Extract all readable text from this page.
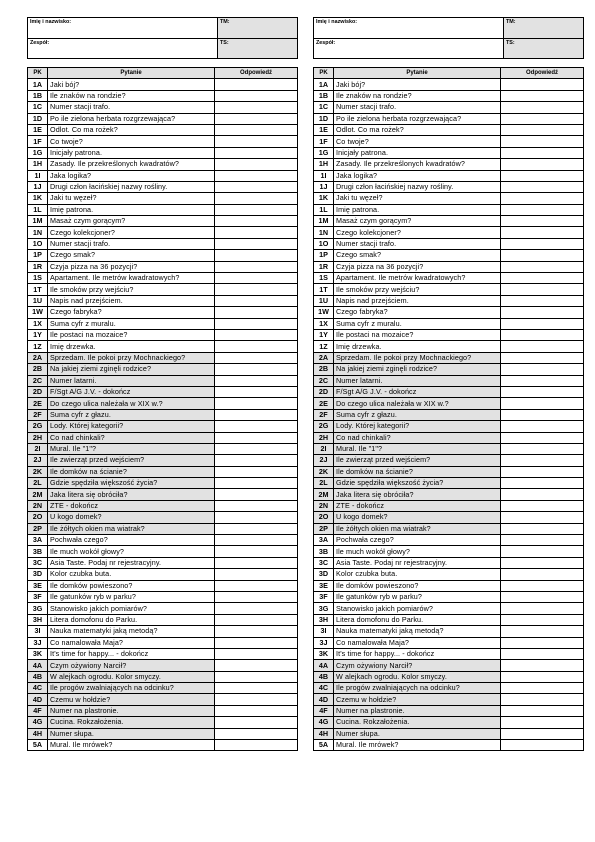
Imię i nazwisko:	TM:
Zespół:	TS:
PK	Pytanie	Odpowiedź
1A	Jaki bój?	
1B	Ile znaków na rondzie?	
1C	Numer stacji trafo.	
1D	Po ile zielona herbata rozgrzewająca?	
1E	Odlot. Co ma rożek?	
1F	Co twoje?	
1G	Inicjały patrona.	
1H	Zasady. Ile przekreślonych kwadratów?	
1I	Jaka logika?	
1J	Drugi człon łacińskiej nazwy rośliny.	
1K	Jaki tu węzeł?	
1L	Imię patrona.	
1M	Masaż czym gorącym?	
1N	Czego kolekcjoner?	
1O	Numer stacji trafo.	
1P	Czego smak?	
1R	Czyja pizza na 36 pozycji?	
1S	Apartament. Ile metrów kwadratowych?	
1T	Ile smoków przy wejściu?	
1U	Napis nad przejściem.	
1W	Czego fabryka?	
1X	Suma cyfr z muralu.	
1Y	Ile postaci na mozaice?	
1Z	Imię drzewka.	
2A	Sprzedam. Ile pokoi przy Mochnackiego?	
2B	Na jakiej ziemi zginęli rodzice?	
2C	Numer latarni.	
2D	F/Sgt A/G J.V. - dokończ	
2E	Do czego ulica należała w XIX w.?	
2F	Suma cyfr z głazu.	
2G	Lody. Której kategorii?	
2H	Co nad chinkali?	
2I	Mural. Ile "1"?	
2J	Ile zwierząt przed wejściem?	
2K	Ile domków na ścianie?	
2L	Gdzie spędziła większość życia?	
2M	Jaka litera się obróciła?	
2N	ZTE - dokończ	
2O	U kogo domek?	
2P	Ile żółtych okien ma wiatrak?	
3A	Pochwała czego?	
3B	Ile much wokół głowy?	
3C	Asia Taste. Podaj nr rejestracyjny.	
3D	Kolor czubka buta.	
3E	Ile domków powieszono?	
3F	Ile gatunków ryb w parku?	
3G	Stanowisko jakich pomiarów?	
3H	Litera domofonu do Parku.	
3I	Nauka matematyki jaką metodą?	
3J	Co namalowała Maja?	
3K	It's time for happy... - dokończ	
4A	Czym ożywiony Narcił?	
4B	W alejkach ogrodu. Kolor smyczy.	
4C	Ile progów zwalniających na odcinku?	
4D	Czemu w hołdzie?	
4F	Numer na plastronie.	
4G	Cucina. Rokzałożenia.	
4H	Numer słupa.	
5A	Mural. Ile mrówek?	
Imię i nazwisko:	TM:
Zespół:	TS:
PK	Pytanie	Odpowiedź
1A	Jaki bój?	
1B	Ile znaków na rondzie?	
1C	Numer stacji trafo.	
1D	Po ile zielona herbata rozgrzewająca?	
1E	Odlot. Co ma rożek?	
1F	Co twoje?	
1G	Inicjały patrona.	
1H	Zasady. Ile przekreślonych kwadratów?	
1I	Jaka logika?	
1J	Drugi człon łacińskiej nazwy rośliny.	
1K	Jaki tu węzeł?	
1L	Imię patrona.	
1M	Masaż czym gorącym?	
1N	Czego kolekcjoner?	
1O	Numer stacji trafo.	
1P	Czego smak?	
1R	Czyja pizza na 36 pozycji?	
1S	Apartament. Ile metrów kwadratowych?	
1T	Ile smoków przy wejściu?	
1U	Napis nad przejściem.	
1W	Czego fabryka?	
1X	Suma cyfr z muralu.	
1Y	Ile postaci na mozaice?	
1Z	Imię drzewka.	
2A	Sprzedam. Ile pokoi przy Mochnackiego?	
2B	Na jakiej ziemi zginęli rodzice?	
2C	Numer latarni.	
2D	F/Sgt A/G J.V. - dokończ	
2E	Do czego ulica należała w XIX w.?	
2F	Suma cyfr z głazu.	
2G	Lody. Której kategorii?	
2H	Co nad chinkali?	
2I	Mural. Ile "1"?	
2J	Ile zwierząt przed wejściem?	
2K	Ile domków na ścianie?	
2L	Gdzie spędziła większość życia?	
2M	Jaka litera się obróciła?	
2N	ZTE - dokończ	
2O	U kogo domek?	
2P	Ile żółtych okien ma wiatrak?	
3A	Pochwała czego?	
3B	Ile much wokół głowy?	
3C	Asia Taste. Podaj nr rejestracyjny.	
3D	Kolor czubka buta.	
3E	Ile domków powieszono?	
3F	Ile gatunków ryb w parku?	
3G	Stanowisko jakich pomiarów?	
3H	Litera domofonu do Parku.	
3I	Nauka matematyki jaką metodą?	
3J	Co namalowała Maja?	
3K	It's time for happy... - dokończ	
4A	Czym ożywiony Narcił?	
4B	W alejkach ogrodu. Kolor smyczy.	
4C	Ile progów zwalniających na odcinku?	
4D	Czemu w hołdzie?	
4F	Numer na plastronie.	
4G	Cucina. Rokzałożenia.	
4H	Numer słupa.	
5A	Mural. Ile mrówek?	
